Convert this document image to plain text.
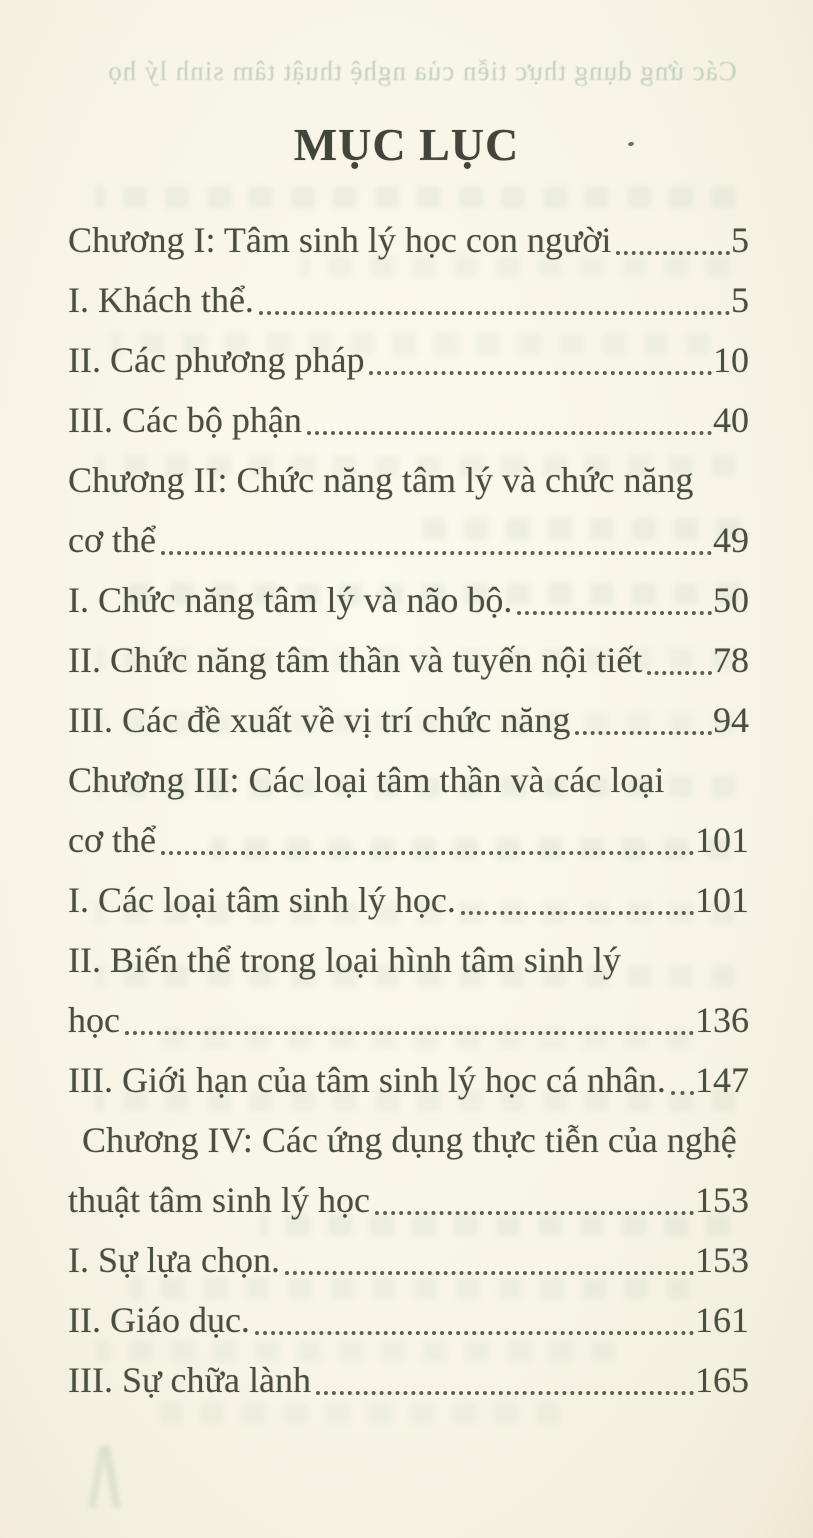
Các ứng dụng thực tiễn của nghệ thuật tâm sinh lý họ
MỤC LỤC
Chương I: Tâm sinh lý học con người	5
I. Khách thể.	5
II. Các phương pháp	10
III. Các bộ phận	40
Chương II: Chức năng tâm lý và chức năng
cơ thể	49
I. Chức năng tâm lý và não bộ.	50
II. Chức năng tâm thần và tuyến nội tiết 78
III. Các đề xuất về vị trí chức năng	94
Chương III: Các loại tâm thần và các loại
cơ thể	101
I. Các loại tâm sinh lý học.	101
II. Biến thể trong loại hình tâm sinh lý
học	136
III. Giới hạn của tâm sinh lý học cá nhân. 147
Chương IV: Các ứng dụng thực tiễn của nghệ
thuật tâm sinh lý học	153
I. Sự lựa chọn.	153
II. Giáo dục.	161
III. Sự chữa lành	165
